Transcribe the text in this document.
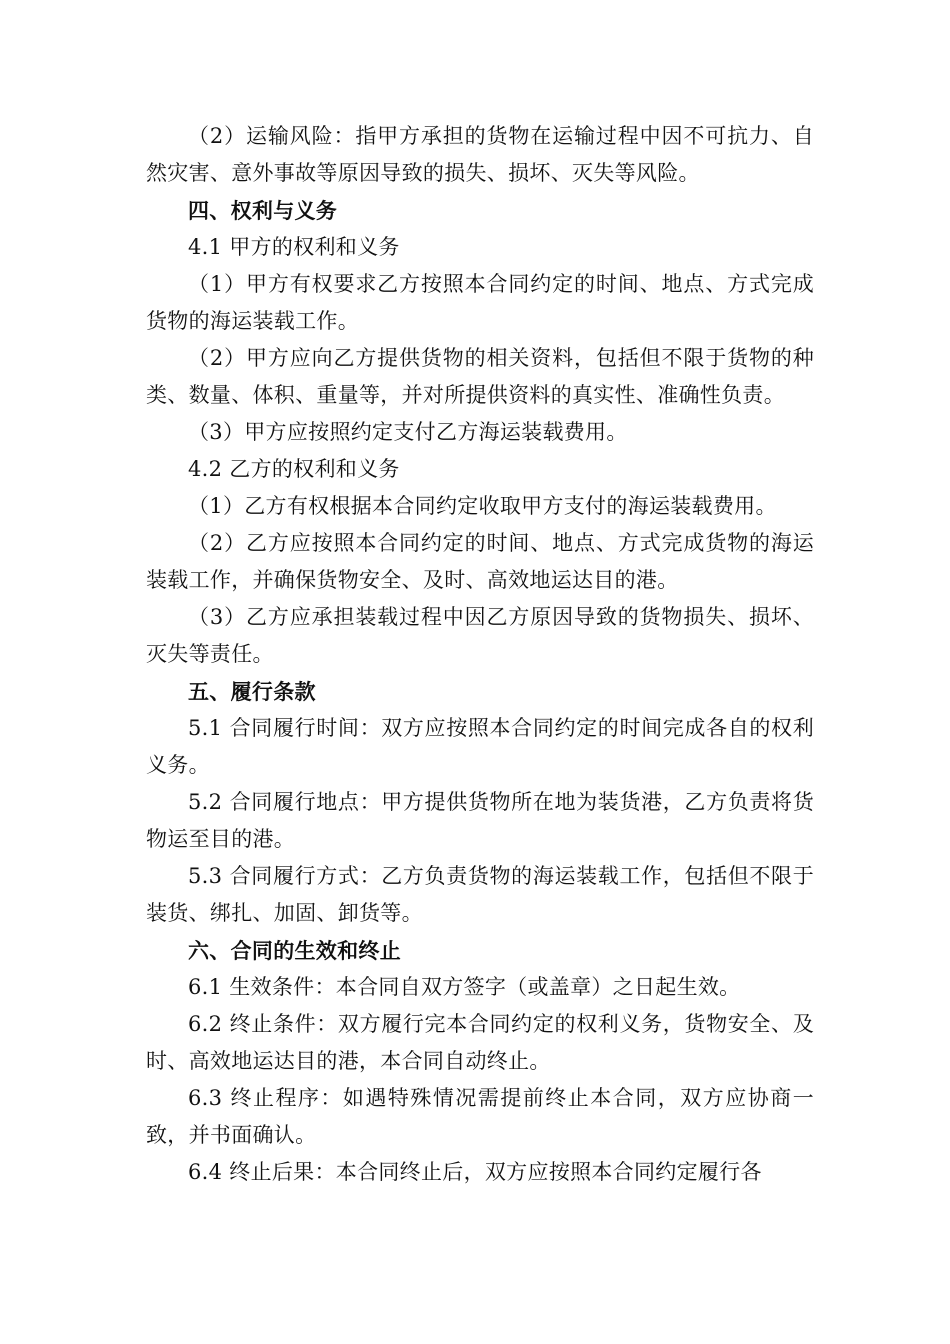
（2）运输风险：指甲方承担的货物在运输过程中因不可抗力、自然灾害、意外事故等原因导致的损失、损坏、灭失等风险。

四、权利与义务

4.1 甲方的权利和义务

（1）甲方有权要求乙方按照本合同约定的时间、地点、方式完成货物的海运装载工作。

（2）甲方应向乙方提供货物的相关资料，包括但不限于货物的种类、数量、体积、重量等，并对所提供资料的真实性、准确性负责。

（3）甲方应按照约定支付乙方海运装载费用。

4.2 乙方的权利和义务

（1）乙方有权根据本合同约定收取甲方支付的海运装载费用。

（2）乙方应按照本合同约定的时间、地点、方式完成货物的海运装载工作，并确保货物安全、及时、高效地运达目的港。

（3）乙方应承担装载过程中因乙方原因导致的货物损失、损坏、灭失等责任。

五、履行条款

5.1 合同履行时间：双方应按照本合同约定的时间完成各自的权利义务。

5.2 合同履行地点：甲方提供货物所在地为装货港，乙方负责将货物运至目的港。

5.3 合同履行方式：乙方负责货物的海运装载工作，包括但不限于装货、绑扎、加固、卸货等。

六、合同的生效和终止

6.1 生效条件：本合同自双方签字（或盖章）之日起生效。

6.2 终止条件：双方履行完本合同约定的权利义务，货物安全、及时、高效地运达目的港，本合同自动终止。

6.3 终止程序：如遇特殊情况需提前终止本合同，双方应协商一致，并书面确认。

6.4 终止后果：本合同终止后，双方应按照本合同约定履行各
